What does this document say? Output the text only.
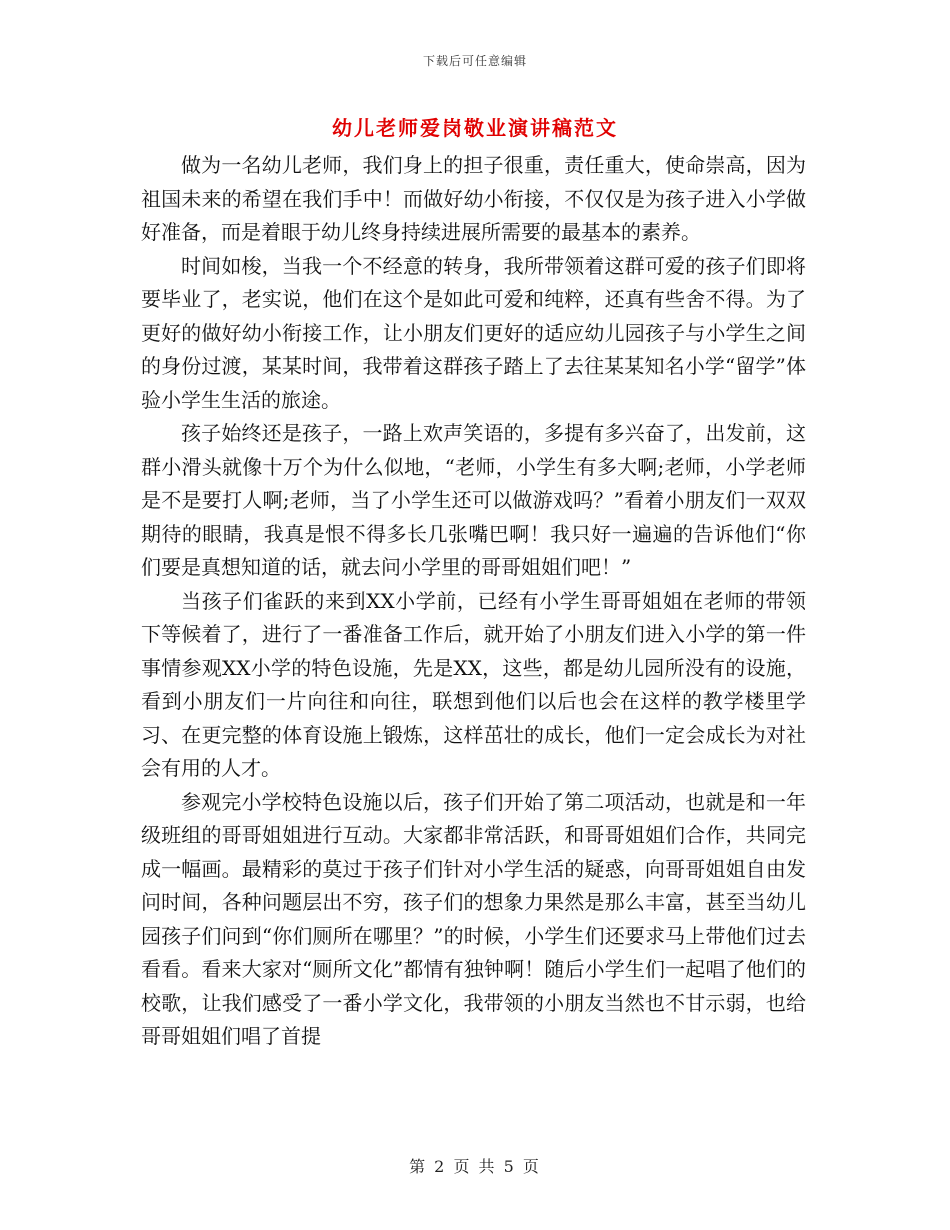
下载后可任意编辑
幼儿老师爱岗敬业演讲稿范文

做为一名幼儿老师，我们身上的担子很重，责任重大，使命崇高，因为祖国未来的希望在我们手中！而做好幼小衔接，不仅仅是为孩子进入小学做好准备，而是着眼于幼儿终身持续进展所需要的最基本的素养。

时间如梭，当我一个不经意的转身，我所带领着这群可爱的孩子们即将要毕业了，老实说，他们在这个是如此可爱和纯粹，还真有些舍不得。为了更好的做好幼小衔接工作，让小朋友们更好的适应幼儿园孩子与小学生之间的身份过渡，某某时间，我带着这群孩子踏上了去往某某知名小学“留学”体验小学生生活的旅途。

孩子始终还是孩子，一路上欢声笑语的，多提有多兴奋了，出发前，这群小滑头就像十万个为什么似地，“老师，小学生有多大啊;老师，小学老师是不是要打人啊;老师，当了小学生还可以做游戏吗？”看着小朋友们一双双期待的眼睛，我真是恨不得多长几张嘴巴啊！我只好一遍遍的告诉他们“你们要是真想知道的话，就去问小学里的哥哥姐姐们吧！”

当孩子们雀跃的来到XX小学前，已经有小学生哥哥姐姐在老师的带领下等候着了，进行了一番准备工作后，就开始了小朋友们进入小学的第一件事情参观XX小学的特色设施，先是XX，这些，都是幼儿园所没有的设施，看到小朋友们一片向往和向往，联想到他们以后也会在这样的教学楼里学习、在更完整的体育设施上锻炼，这样茁壮的成长，他们一定会成长为对社会有用的人才。

参观完小学校特色设施以后，孩子们开始了第二项活动，也就是和一年级班组的哥哥姐姐进行互动。大家都非常活跃，和哥哥姐姐们合作，共同完成一幅画。最精彩的莫过于孩子们针对小学生活的疑惑，向哥哥姐姐自由发问时间，各种问题层出不穷，孩子们的想象力果然是那么丰富，甚至当幼儿园孩子们问到“你们厕所在哪里？”的时候，小学生们还要求马上带他们过去看看。看来大家对“厕所文化”都情有独钟啊！随后小学生们一起唱了他们的校歌，让我们感受了一番小学文化，我带领的小朋友当然也不甘示弱，也给哥哥姐姐们唱了首提

第 2 页 共 5 页
